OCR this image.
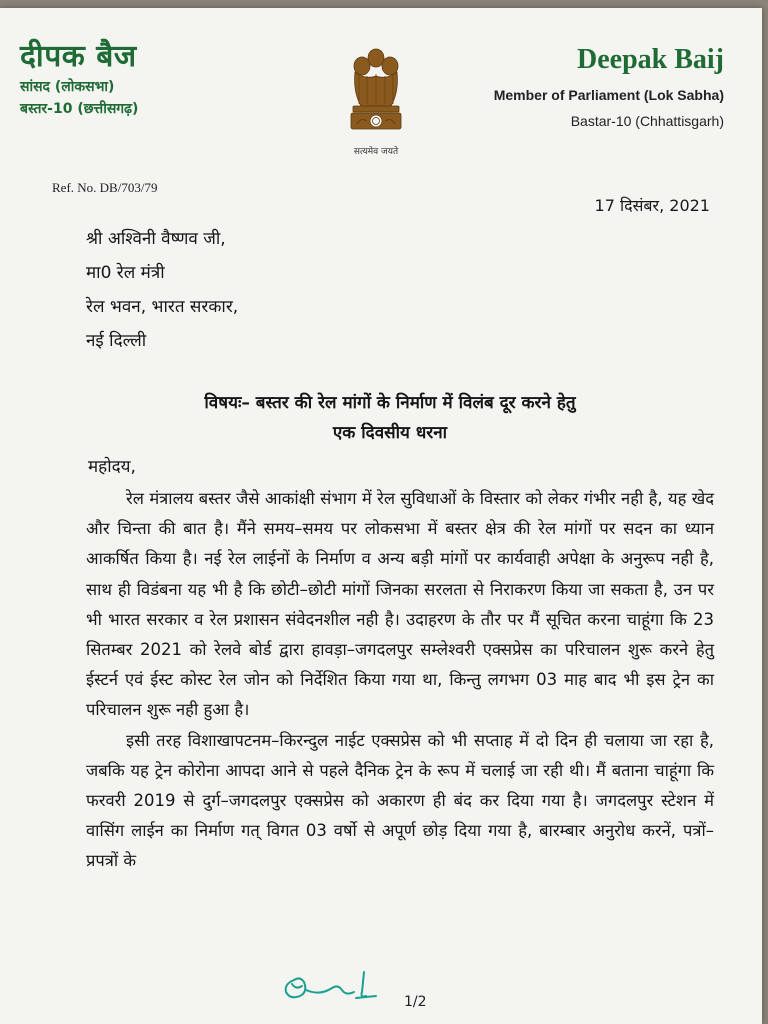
दीपक बैज
सांसद (लोकसभा)
बस्तर-10 (छत्तीसगढ़)
सत्यमेव जयते
Deepak Baij
Member of Parliament (Lok Sabha)
Bastar-10 (Chhattisgarh)
Ref. No. DB/703/79
17 दिसंबर, 2021
श्री अश्विनी वैष्णव जी,
मा0 रेल मंत्री
रेल भवन, भारत सरकार,
नई दिल्ली
विषयः– बस्तर की रेल मांगों के निर्माण में विलंब दूर करने हेतु
एक दिवसीय धरना
महोदय,

रेल मंत्रालय बस्तर जैसे आकांक्षी संभाग में रेल सुविधाओं के विस्तार को लेकर गंभीर नही है, यह खेद और चिन्ता की बात है। मैंने समय–समय पर लोकसभा में बस्तर क्षेत्र की रेल मांगों पर सदन का ध्यान आकर्षित किया है। नई रेल लाईनों के निर्माण व अन्य बड़ी मांगों पर कार्यवाही अपेक्षा के अनुरूप नही है, साथ ही विडंबना यह भी है कि छोटी–छोटी मांगों जिनका सरलता से निराकरण किया जा सकता है, उन पर भी भारत सरकार व रेल प्रशासन संवेदनशील नही है। उदाहरण के तौर पर मैं सूचित करना चाहूंगा कि 23 सितम्बर 2021 को रेलवे बोर्ड द्वारा हावड़ा–जगदलपुर सम्लेश्वरी एक्सप्रेस का परिचालन शुरू करने हेतु ईस्टर्न एवं ईस्ट कोस्ट रेल जोन को निर्देशित किया गया था, किन्तु लगभग 03 माह बाद भी इस ट्रेन का परिचालन शुरू नही हुआ है।

इसी तरह विशाखापटनम–किरन्दुल नाईट एक्सप्रेस को भी सप्ताह में दो दिन ही चलाया जा रहा है, जबकि यह ट्रेन कोरोना आपदा आने से पहले दैनिक ट्रेन के रूप में चलाई जा रही थी। मैं बताना चाहूंगा कि फरवरी 2019 से दुर्ग–जगदलपुर एक्सप्रेस को अकारण ही बंद कर दिया गया है। जगदलपुर स्टेशन में वासिंग लाईन का निर्माण गत् विगत 03 वर्षो से अपूर्ण छोड़ दिया गया है, बारम्बार अनुरोध करनें, पत्रों–प्रपत्रों के

1/2
